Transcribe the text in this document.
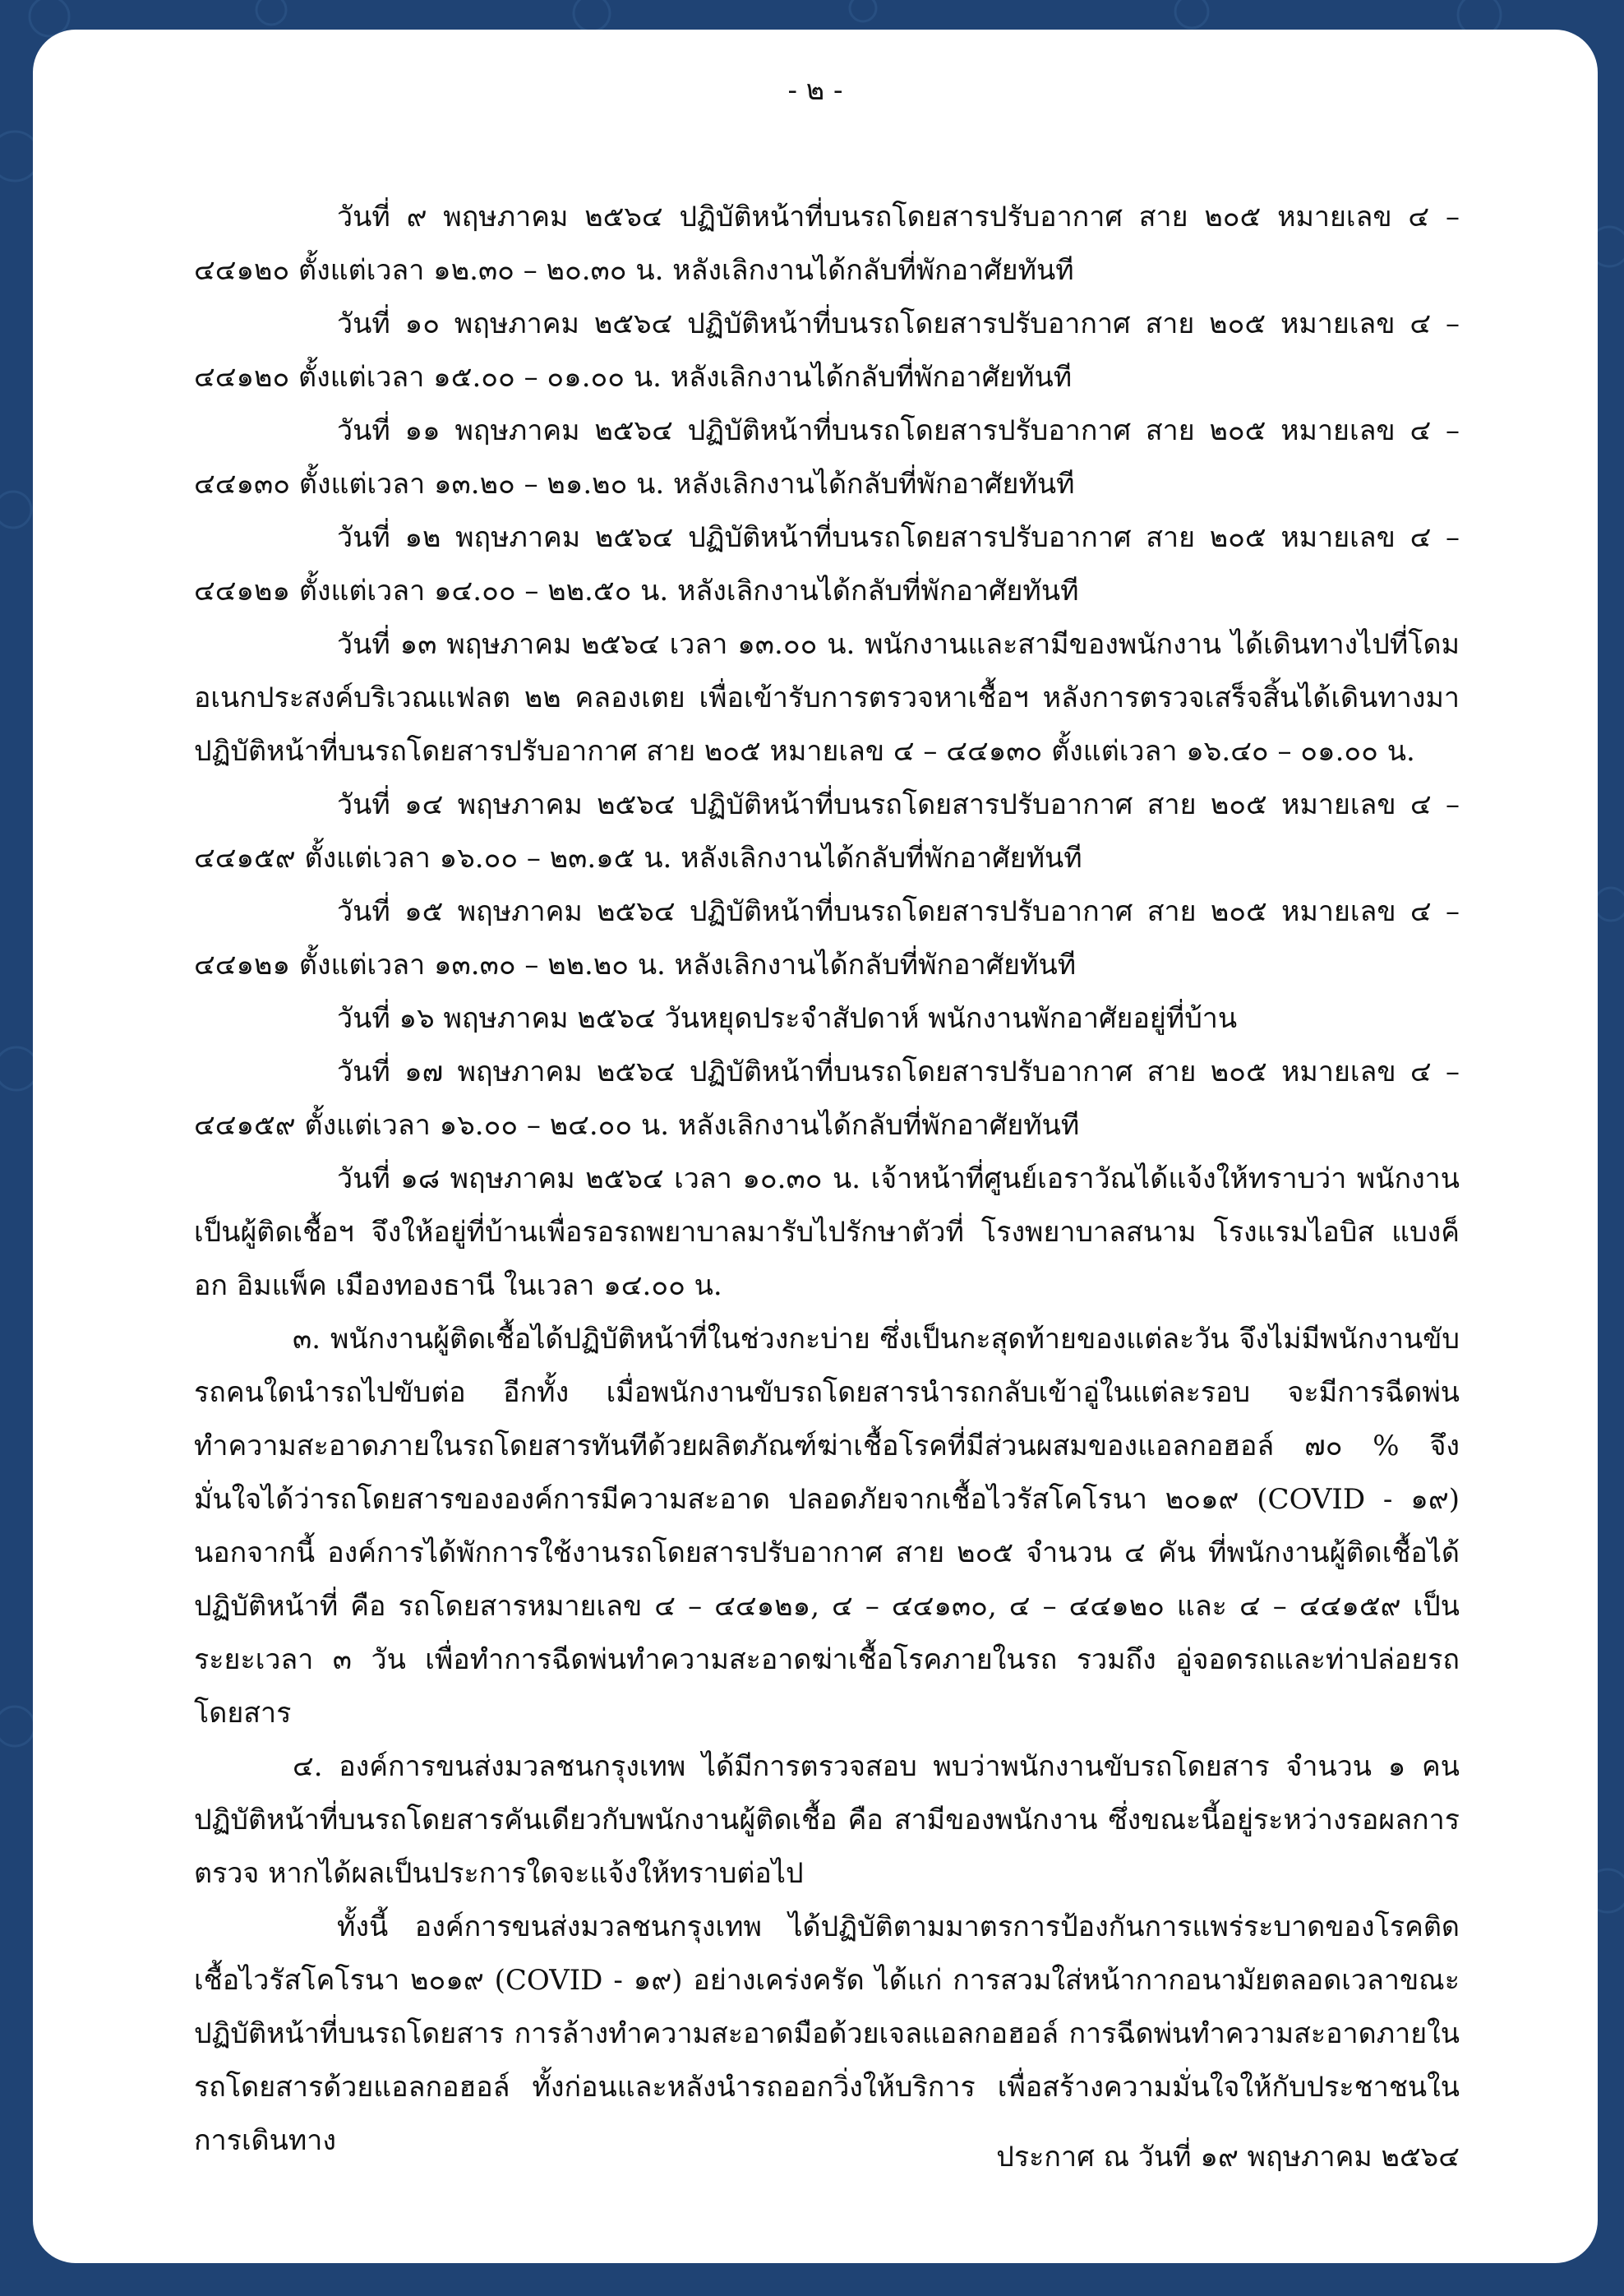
- ๒ -

วันที่ ๙ พฤษภาคม ๒๕๖๔ ปฏิบัติหน้าที่บนรถโดยสารปรับอากาศ สาย ๒๐๕ หมายเลข ๔ – ๔๔๑๒๐ ตั้งแต่เวลา ๑๒.๓๐ – ๒๐.๓๐ น. หลังเลิกงานได้กลับที่พักอาศัยทันที

วันที่ ๑๐ พฤษภาคม ๒๕๖๔ ปฏิบัติหน้าที่บนรถโดยสารปรับอากาศ สาย ๒๐๕ หมายเลข ๔ – ๔๔๑๒๐ ตั้งแต่เวลา ๑๕.๐๐ – ๐๑.๐๐ น. หลังเลิกงานได้กลับที่พักอาศัยทันที

วันที่ ๑๑ พฤษภาคม ๒๕๖๔ ปฏิบัติหน้าที่บนรถโดยสารปรับอากาศ สาย ๒๐๕ หมายเลข ๔ – ๔๔๑๓๐ ตั้งแต่เวลา ๑๓.๒๐ – ๒๑.๒๐ น. หลังเลิกงานได้กลับที่พักอาศัยทันที

วันที่ ๑๒ พฤษภาคม ๒๕๖๔ ปฏิบัติหน้าที่บนรถโดยสารปรับอากาศ สาย ๒๐๕ หมายเลข ๔ – ๔๔๑๒๑ ตั้งแต่เวลา ๑๔.๐๐ – ๒๒.๕๐ น. หลังเลิกงานได้กลับที่พักอาศัยทันที

วันที่ ๑๓ พฤษภาคม ๒๕๖๔ เวลา ๑๓.๐๐ น. พนักงานและสามีของพนักงาน ได้เดินทางไปที่โดมอเนกประสงค์บริเวณแฟลต ๒๒ คลองเตย เพื่อเข้ารับการตรวจหาเชื้อฯ หลังการตรวจเสร็จสิ้นได้เดินทางมาปฏิบัติหน้าที่บนรถโดยสารปรับอากาศ สาย ๒๐๕ หมายเลข ๔ – ๔๔๑๓๐ ตั้งแต่เวลา ๑๖.๔๐ – ๐๑.๐๐ น.

วันที่ ๑๔ พฤษภาคม ๒๕๖๔ ปฏิบัติหน้าที่บนรถโดยสารปรับอากาศ สาย ๒๐๕ หมายเลข ๔ – ๔๔๑๕๙ ตั้งแต่เวลา ๑๖.๐๐ – ๒๓.๑๕ น. หลังเลิกงานได้กลับที่พักอาศัยทันที

วันที่ ๑๕ พฤษภาคม ๒๕๖๔ ปฏิบัติหน้าที่บนรถโดยสารปรับอากาศ สาย ๒๐๕ หมายเลข ๔ – ๔๔๑๒๑ ตั้งแต่เวลา ๑๓.๓๐ – ๒๒.๒๐ น. หลังเลิกงานได้กลับที่พักอาศัยทันที

วันที่ ๑๖ พฤษภาคม ๒๕๖๔ วันหยุดประจำสัปดาห์ พนักงานพักอาศัยอยู่ที่บ้าน

วันที่ ๑๗ พฤษภาคม ๒๕๖๔ ปฏิบัติหน้าที่บนรถโดยสารปรับอากาศ สาย ๒๐๕ หมายเลข ๔ – ๔๔๑๕๙ ตั้งแต่เวลา ๑๖.๐๐ – ๒๔.๐๐ น. หลังเลิกงานได้กลับที่พักอาศัยทันที

วันที่ ๑๘ พฤษภาคม ๒๕๖๔ เวลา ๑๐.๓๐ น. เจ้าหน้าที่ศูนย์เอราวัณได้แจ้งให้ทราบว่า พนักงานเป็นผู้ติดเชื้อฯ จึงให้อยู่ที่บ้านเพื่อรอรถพยาบาลมารับไปรักษาตัวที่ โรงพยาบาลสนาม โรงแรมไอบิส แบงค็อก อิมแพ็ค เมืองทองธานี ในเวลา ๑๔.๐๐ น.

๓. พนักงานผู้ติดเชื้อได้ปฏิบัติหน้าที่ในช่วงกะบ่าย ซึ่งเป็นกะสุดท้ายของแต่ละวัน จึงไม่มีพนักงานขับรถคนใดนำรถไปขับต่อ อีกทั้ง เมื่อพนักงานขับรถโดยสารนำรถกลับเข้าอู่ในแต่ละรอบ จะมีการฉีดพ่นทำความสะอาดภายในรถโดยสารทันทีด้วยผลิตภัณฑ์ฆ่าเชื้อโรคที่มีส่วนผสมของแอลกอฮอล์ ๗๐ % จึงมั่นใจได้ว่ารถโดยสารขององค์การมีความสะอาด ปลอดภัยจากเชื้อไวรัสโคโรนา ๒๐๑๙ (COVID - ๑๙) นอกจากนี้ องค์การได้พักการใช้งานรถโดยสารปรับอากาศ สาย ๒๐๕ จำนวน ๔ คัน ที่พนักงานผู้ติดเชื้อได้ปฏิบัติหน้าที่ คือ รถโดยสารหมายเลข ๔ – ๔๔๑๒๑, ๔ – ๔๔๑๓๐, ๔ – ๔๔๑๒๐ และ ๔ – ๔๔๑๕๙ เป็นระยะเวลา ๓ วัน เพื่อทำการฉีดพ่นทำความสะอาดฆ่าเชื้อโรคภายในรถ รวมถึง อู่จอดรถและท่าปล่อยรถโดยสาร

๔. องค์การขนส่งมวลชนกรุงเทพ ได้มีการตรวจสอบ พบว่าพนักงานขับรถโดยสาร จำนวน ๑ คน ปฏิบัติหน้าที่บนรถโดยสารคันเดียวกับพนักงานผู้ติดเชื้อ คือ สามีของพนักงาน ซึ่งขณะนี้อยู่ระหว่างรอผลการตรวจ หากได้ผลเป็นประการใดจะแจ้งให้ทราบต่อไป

ทั้งนี้ องค์การขนส่งมวลชนกรุงเทพ ได้ปฏิบัติตามมาตรการป้องกันการแพร่ระบาดของโรคติดเชื้อไวรัสโคโรนา ๒๐๑๙ (COVID - ๑๙) อย่างเคร่งครัด ได้แก่ การสวมใส่หน้ากากอนามัยตลอดเวลาขณะปฏิบัติหน้าที่บนรถโดยสาร การล้างทำความสะอาดมือด้วยเจลแอลกอฮอล์ การฉีดพ่นทำความสะอาดภายในรถโดยสารด้วยแอลกอฮอล์ ทั้งก่อนและหลังนำรถออกวิ่งให้บริการ เพื่อสร้างความมั่นใจให้กับประชาชนในการเดินทาง	ประกาศ ณ วันที่ ๑๙ พฤษภาคม ๒๕๖๔
